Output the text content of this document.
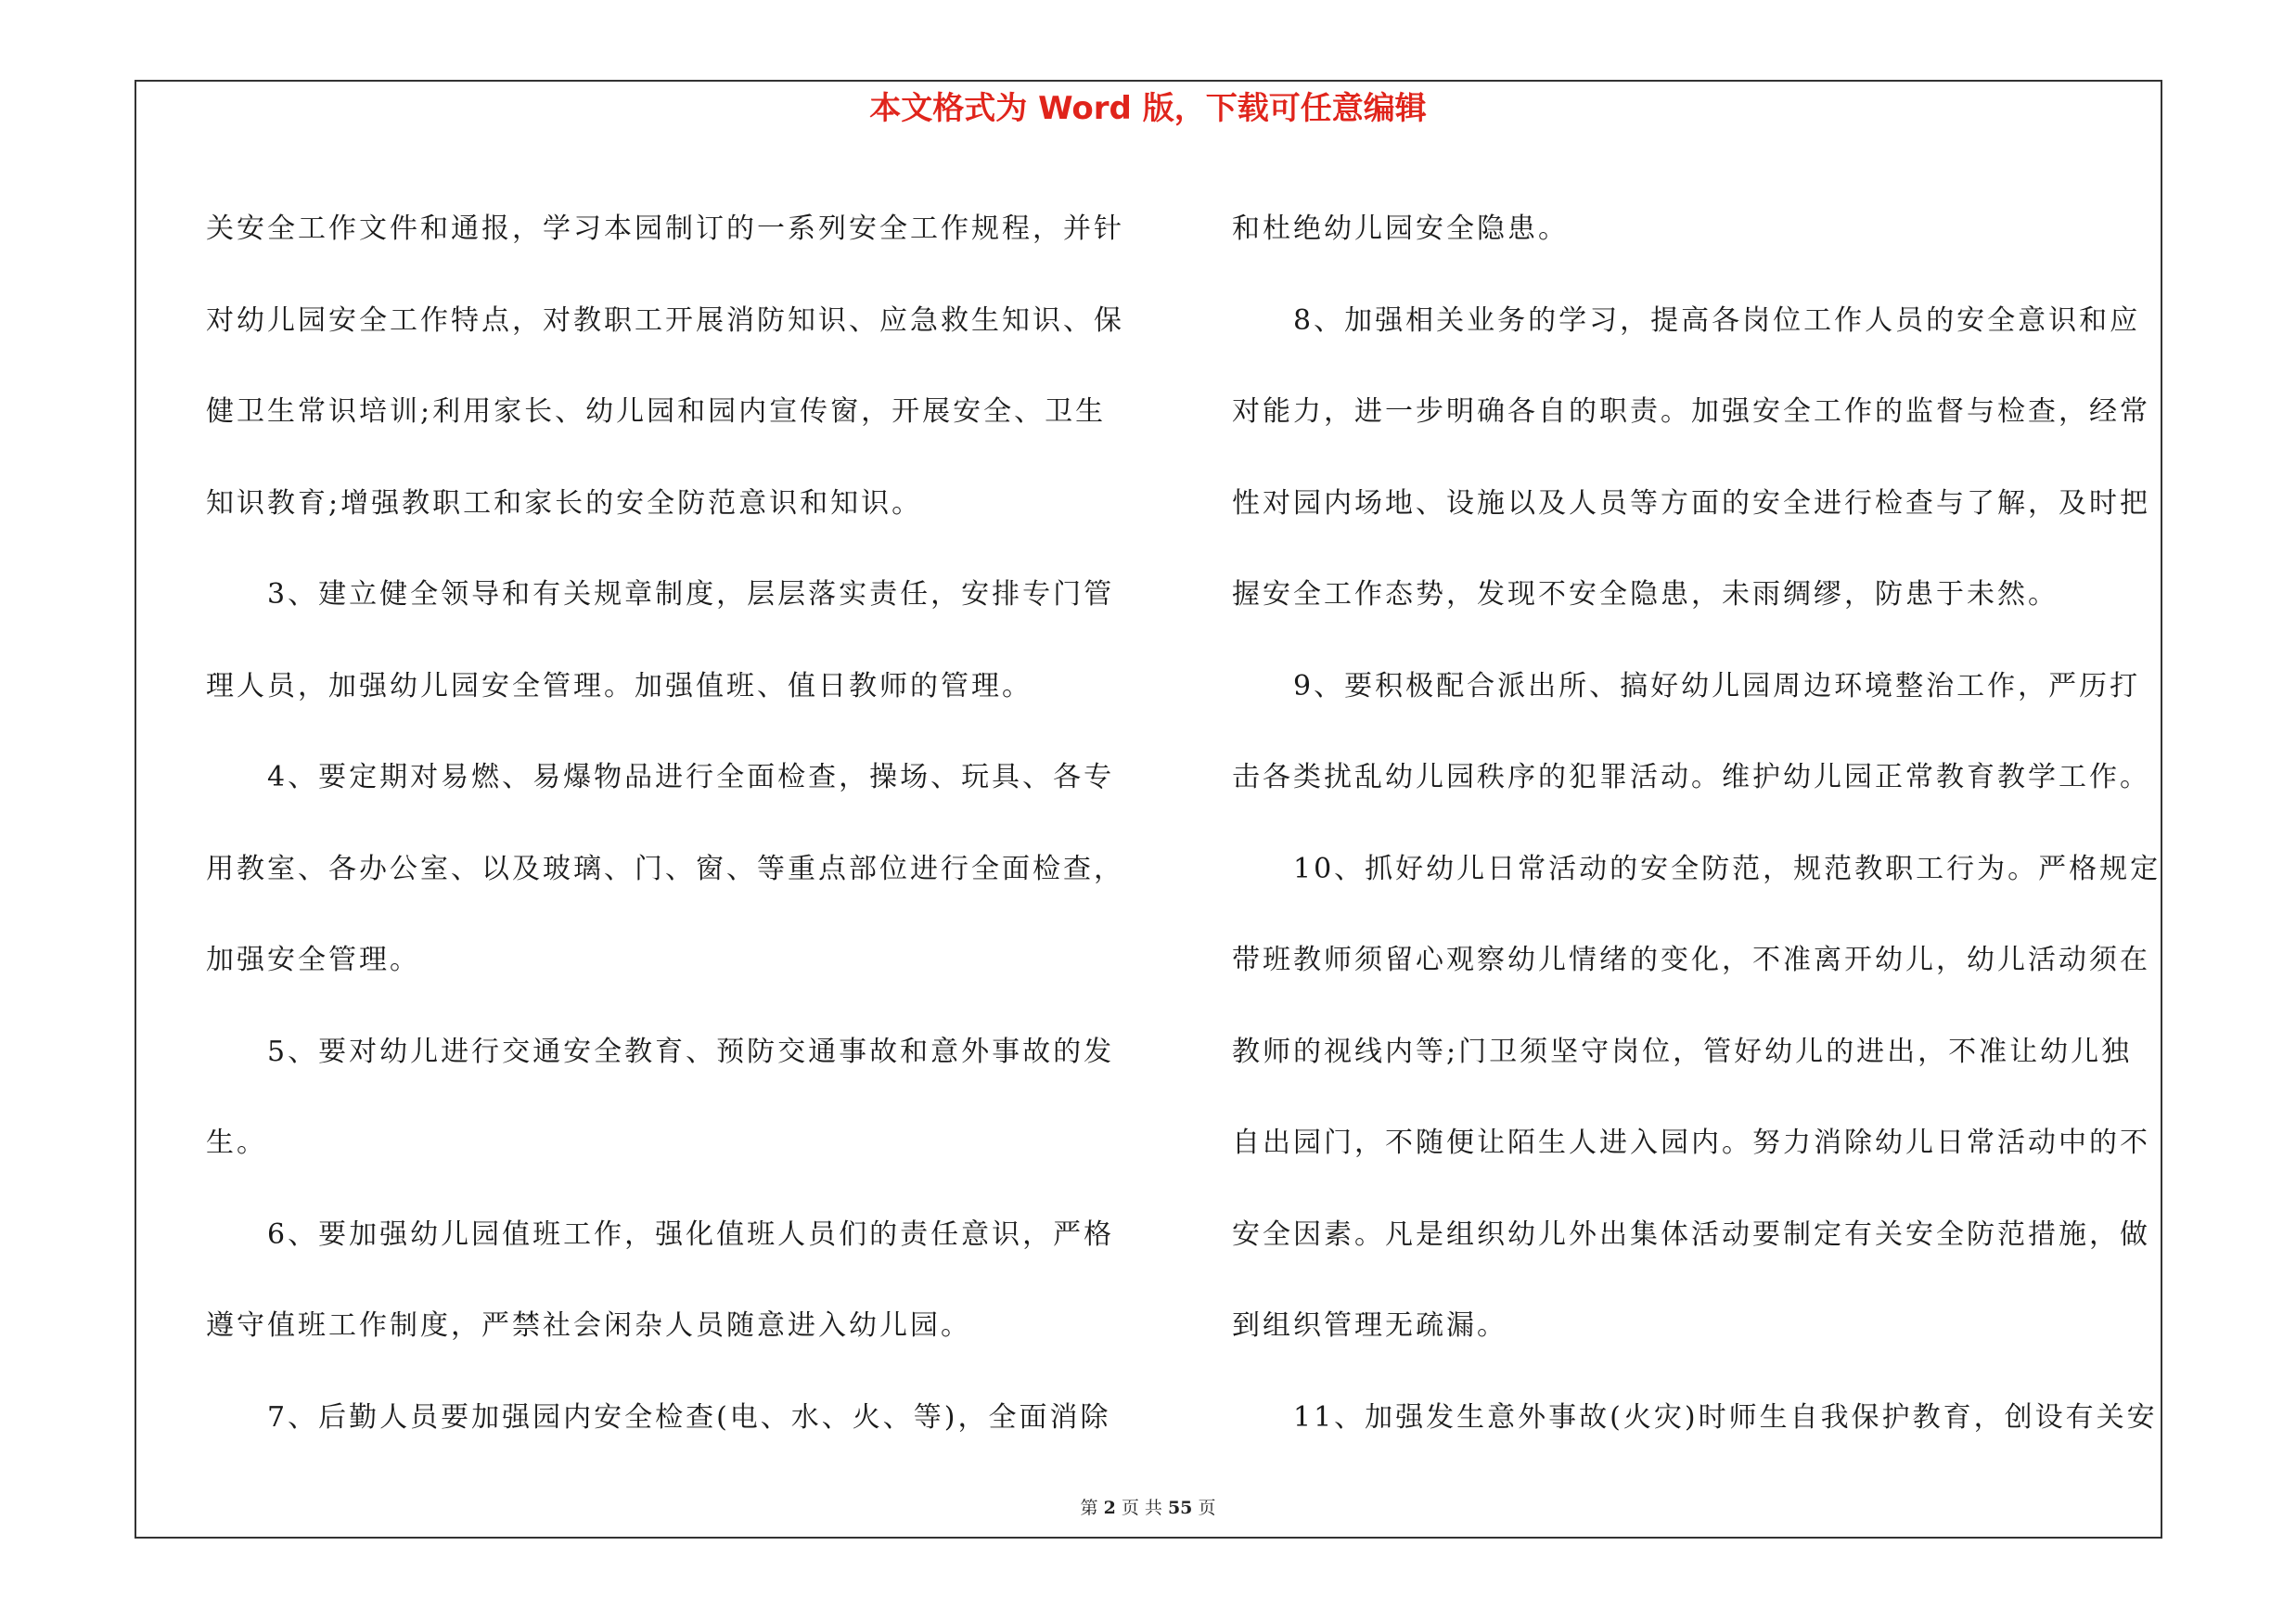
本文格式为 Word 版，下载可任意编辑
关安全工作文件和通报，学习本园制订的一系列安全工作规程，并针
对幼儿园安全工作特点，对教职工开展消防知识、应急救生知识、保
健卫生常识培训;利用家长、幼儿园和园内宣传窗，开展安全、卫生
知识教育;增强教职工和家长的安全防范意识和知识。
　　3、建立健全领导和有关规章制度，层层落实责任，安排专门管
理人员，加强幼儿园安全管理。加强值班、值日教师的管理。
　　4、要定期对易燃、易爆物品进行全面检查，操场、玩具、各专
用教室、各办公室、以及玻璃、门、窗、等重点部位进行全面检查，
加强安全管理。
　　5、要对幼儿进行交通安全教育、预防交通事故和意外事故的发
生。
　　6、要加强幼儿园值班工作，强化值班人员们的责任意识，严格
遵守值班工作制度，严禁社会闲杂人员随意进入幼儿园。
　　7、后勤人员要加强园内安全检查(电、水、火、等)，全面消除
和杜绝幼儿园安全隐患。
　　8、加强相关业务的学习，提高各岗位工作人员的安全意识和应
对能力，进一步明确各自的职责。加强安全工作的监督与检查，经常
性对园内场地、设施以及人员等方面的安全进行检查与了解，及时把
握安全工作态势，发现不安全隐患，未雨绸缪，防患于未然。
　　9、要积极配合派出所、搞好幼儿园周边环境整治工作，严历打
击各类扰乱幼儿园秩序的犯罪活动。维护幼儿园正常教育教学工作。
　　10、抓好幼儿日常活动的安全防范，规范教职工行为。严格规定
带班教师须留心观察幼儿情绪的变化，不准离开幼儿，幼儿活动须在
教师的视线内等;门卫须坚守岗位，管好幼儿的进出，不准让幼儿独
自出园门，不随便让陌生人进入园内。努力消除幼儿日常活动中的不
安全因素。凡是组织幼儿外出集体活动要制定有关安全防范措施，做
到组织管理无疏漏。
　　11、加强发生意外事故(火灾)时师生自我保护教育，创设有关安
第 2 页 共 55 页
